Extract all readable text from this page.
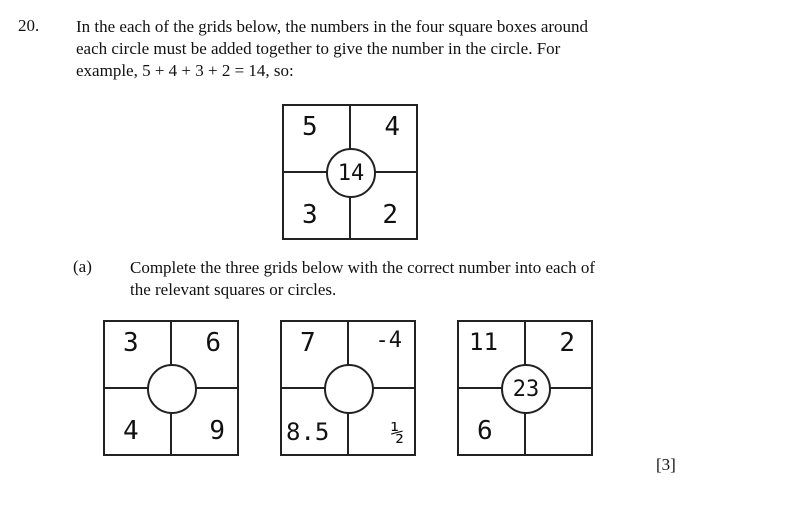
20. In the each of the grids below, the numbers in the four square boxes around
each circle must be added together to give the number in the circle. For
example, 5 + 4 + 3 + 2 = 14, so:
5	4
3	2
14
(a) Complete the three grids below with the correct number into each of
the relevant squares or circles.
3	6
4	9
7	-4
8.5	½
11	2
6
23
[3]
